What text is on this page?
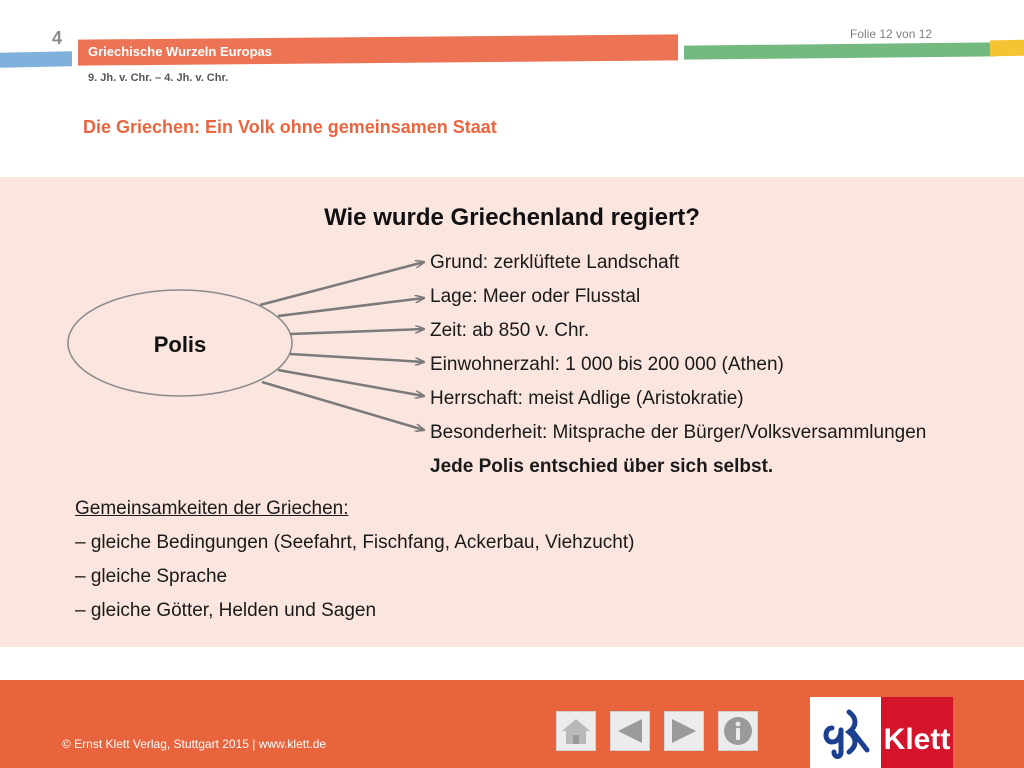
4	Folie 12 von 12
Griechische Wurzeln Europas
9. Jh. v. Chr. – 4. Jh. v. Chr.
Die Griechen: Ein Volk ohne gemeinsamen Staat
Wie wurde Griechenland regiert?
Polis
Grund: zerklüftete Landschaft
Lage: Meer oder Flusstal
Zeit: ab 850 v. Chr.
Einwohnerzahl: 1 000 bis 200 000 (Athen)
Herrschaft: meist Adlige (Aristokratie)
Besonderheit: Mitsprache der Bürger/Volksversammlungen
Jede Polis entschied über sich selbst.
Gemeinsamkeiten der Griechen:
– gleiche Bedingungen (Seefahrt, Fischfang, Ackerbau, Viehzucht)
– gleiche Sprache
– gleiche Götter, Helden und Sagen
© Ernst Klett Verlag, Stuttgart 2015 | www.klett.de	Klett
